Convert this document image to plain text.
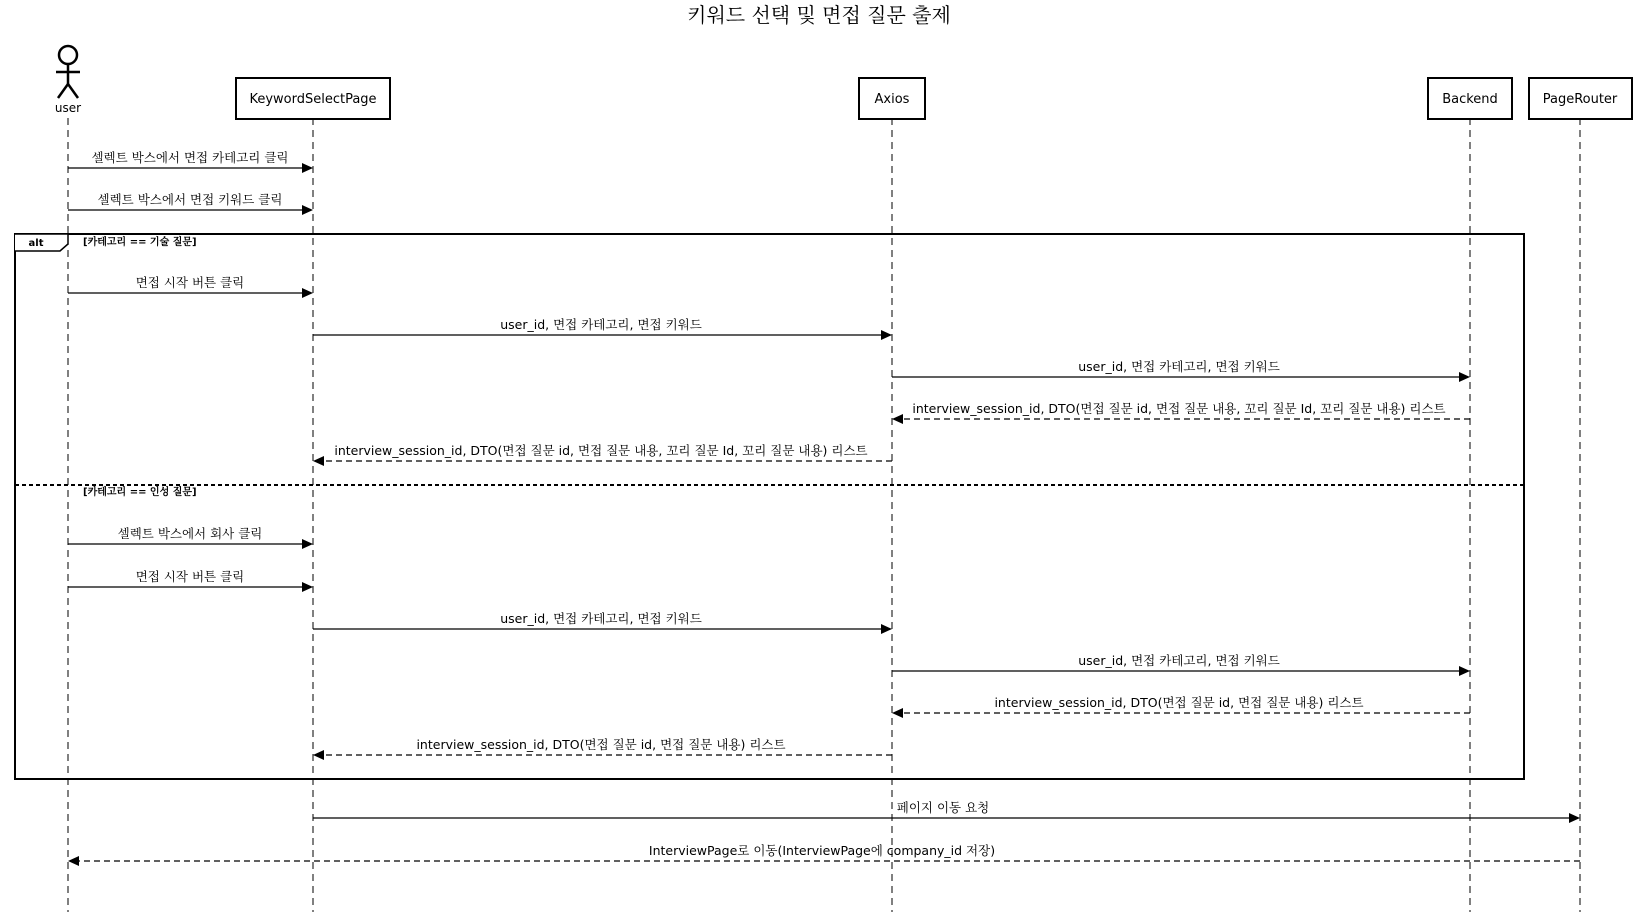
키워드 선택 및 면접 질문 출제
user
KeywordSelectPage	Axios	Backend	PageRouter
alt	[카테고리 == 기술 질문]
[카테고리 == 인성 질문]
셀렉트 박스에서 면접 카테고리 클릭
셀렉트 박스에서 면접 키워드 클릭
면접 시작 버튼 클릭
user_id, 면접 카테고리, 면접 키워드
user_id, 면접 카테고리, 면접 키워드
interview_session_id, DTO(면접 질문 id, 면접 질문 내용, 꼬리 질문 Id, 꼬리 질문 내용) 리스트
interview_session_id, DTO(면접 질문 id, 면접 질문 내용, 꼬리 질문 Id, 꼬리 질문 내용) 리스트
셀렉트 박스에서 회사 클릭
면접 시작 버튼 클릭
user_id, 면접 카테고리, 면접 키워드
user_id, 면접 카테고리, 면접 키워드
interview_session_id, DTO(면접 질문 id, 면접 질문 내용) 리스트
interview_session_id, DTO(면접 질문 id, 면접 질문 내용) 리스트
페이지 이동 요청
InterviewPage로 이동(InterviewPage에 company_id 저장)
